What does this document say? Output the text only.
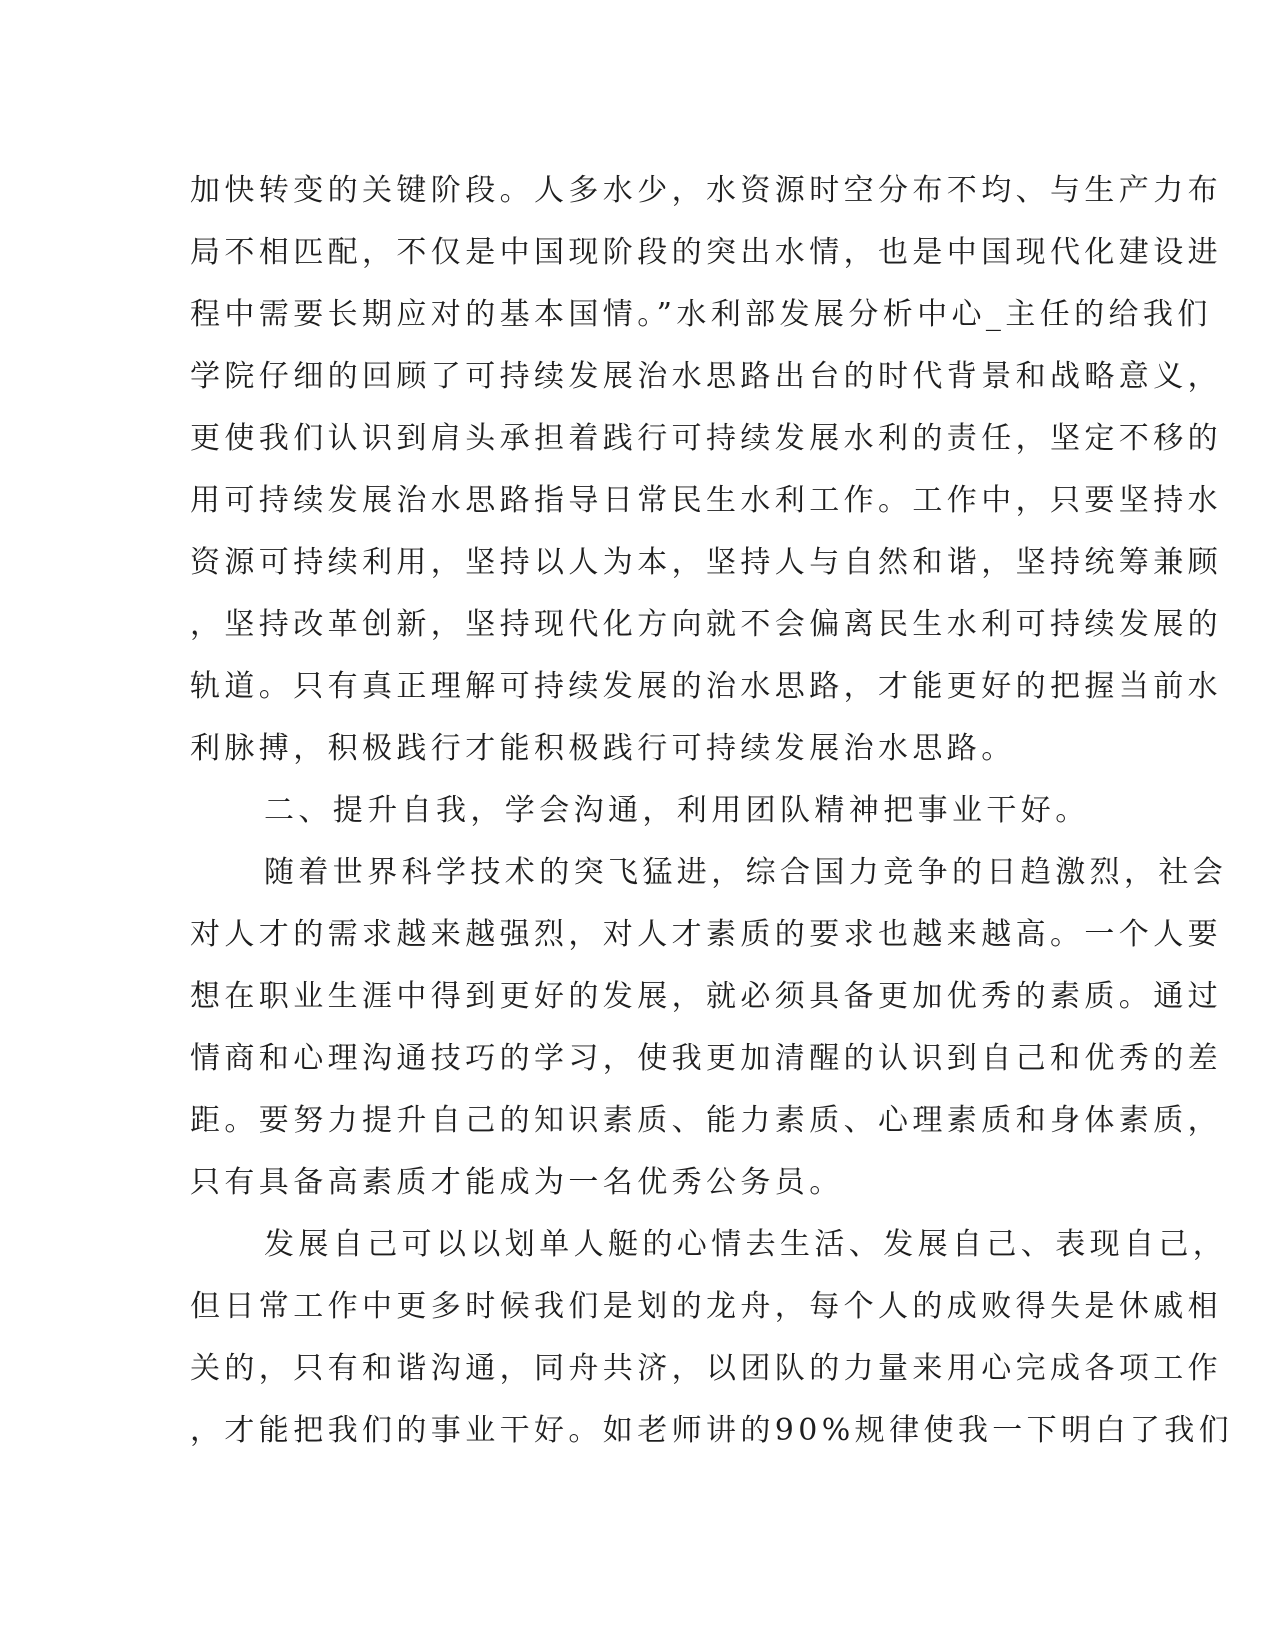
加快转变的关键阶段。人多水少，水资源时空分布不均、与生产力布
局不相匹配，不仅是中国现阶段的突出水情，也是中国现代化建设进
程中需要长期应对的基本国情。”水利部发展分析中心_主任的给我们
学院仔细的回顾了可持续发展治水思路出台的时代背景和战略意义，
更使我们认识到肩头承担着践行可持续发展水利的责任，坚定不移的
用可持续发展治水思路指导日常民生水利工作。工作中，只要坚持水
资源可持续利用，坚持以人为本，坚持人与自然和谐，坚持统筹兼顾
，坚持改革创新，坚持现代化方向就不会偏离民生水利可持续发展的
轨道。只有真正理解可持续发展的治水思路，才能更好的把握当前水
利脉搏，积极践行才能积极践行可持续发展治水思路。
二、提升自我，学会沟通，利用团队精神把事业干好。
随着世界科学技术的突飞猛进，综合国力竞争的日趋激烈，社会
对人才的需求越来越强烈，对人才素质的要求也越来越高。一个人要
想在职业生涯中得到更好的发展，就必须具备更加优秀的素质。通过
情商和心理沟通技巧的学习，使我更加清醒的认识到自己和优秀的差
距。要努力提升自己的知识素质、能力素质、心理素质和身体素质，
只有具备高素质才能成为一名优秀公务员。
发展自己可以以划单人艇的心情去生活、发展自己、表现自己，
但日常工作中更多时候我们是划的龙舟，每个人的成败得失是休戚相
关的，只有和谐沟通，同舟共济，以团队的力量来用心完成各项工作
，才能把我们的事业干好。如老师讲的90%规律使我一下明白了我们
